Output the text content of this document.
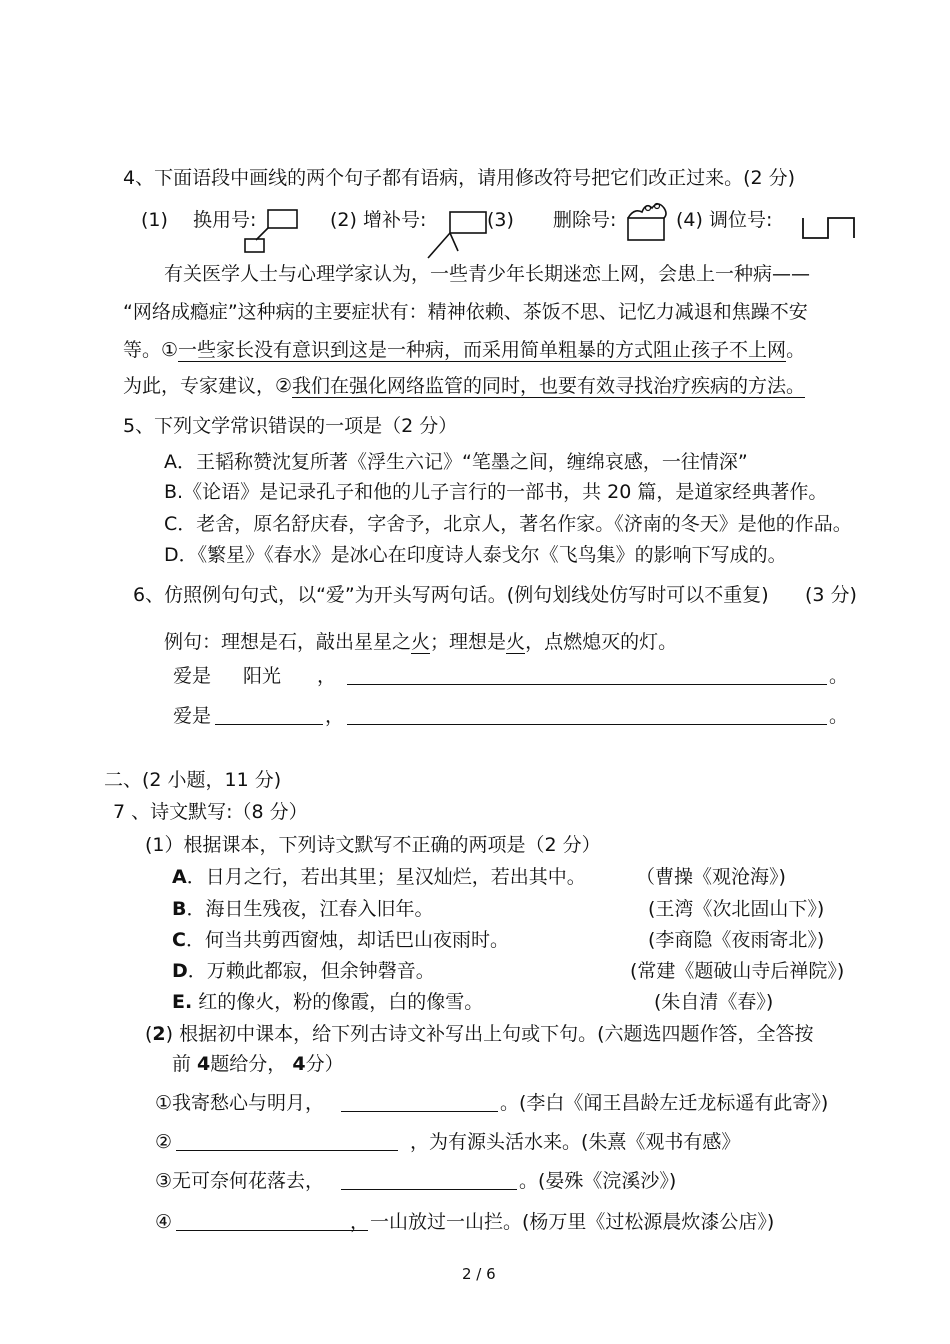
4、下面语段中画线的两个句子都有语病，请用修改符号把它们改正过来。(2 分)
(1) 换用号:	(2) 增补号:	(3) 删除号:	(4) 调位号:
有关医学人士与心理学家认为，一些青少年长期迷恋上网，会患上一种病——
“网络成瘾症”这种病的主要症状有：精神依赖、茶饭不思、记忆力减退和焦躁不安
等。①一些家长没有意识到这是一种病，而采用简单粗暴的方式阻止孩子不上网。
为此，专家建议，②我们在强化网络监管的同时，也要有效寻找治疗疾病的方法。
5、下列文学常识错误的一项是（2 分）
A．王韬称赞沈复所著《浮生六记》“笔墨之间，缠绵哀感，一往情深”
B.《论语》是记录孔子和他的儿子言行的一部书，共 20 篇，是道家经典著作。
C．老舍，原名舒庆春，字舍予，北京人，著名作家。《济南的冬天》是他的作品。
D．《繁星》《春水》是冰心在印度诗人泰戈尔《飞鸟集》的影响下写成的。
6、仿照例句句式，以“爱”为开头写两句话。(例句划线处仿写时可以不重复) (3 分)
例句：理想是石，敲出星星之火；理想是火，点燃熄灭的灯。
爱是 阳光 ，	。
爱是	，	。
二、(2 小题，11 分)
7 、诗文默写:（8 分）
(1）根据课本，下列诗文默写不正确的两项是（2 分）
A．日月之行，若出其里；星汉灿烂，若出其中。	（曹操《观沧海》)
B．海日生残夜，江春入旧年。	(王湾《次北固山下》)
C．何当共剪西窗烛，却话巴山夜雨时。	(李商隐《夜雨寄北》)
D．万赖此都寂，但余钟磬音。	(常建《题破山寺后禅院》)
E. 红的像火，粉的像霞，白的像雪。	(朱自清《春》)
(2) 根据初中课本，给下列古诗文补写出上句或下句。(六题选四题作答，全答按
前 4题给分， 4分）
①我寄愁心与明月，	。(李白《闻王昌龄左迁龙标遥有此寄》)
②	，为有源头活水来。(朱熹《观书有感》
③无可奈何花落去，	。(晏殊《浣溪沙》)
④	， 一山放过一山拦。(杨万里《过松源晨炊漆公店》)
2 / 6
